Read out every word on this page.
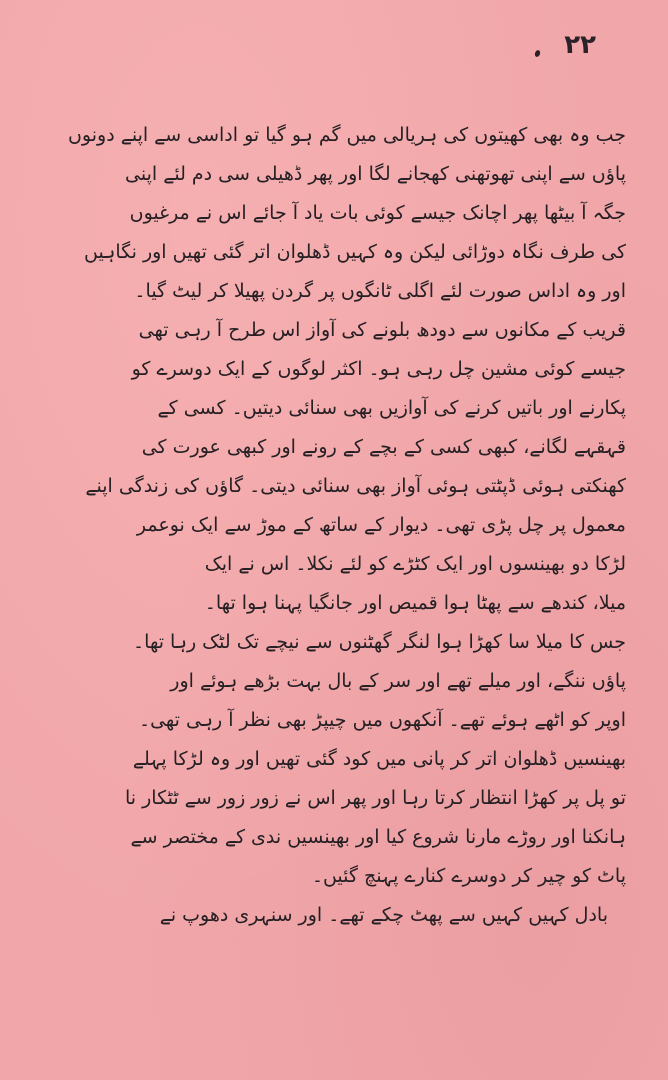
۲۲
جب وہ بھی کھیتوں کی ہریالی میں گم ہو گیا تو اداسی سے اپنے دونوں
پاؤں سے اپنی تھوتھنی کھجانے لگا اور پھر ڈھیلی سی دم لئے اپنی
جگہ آ بیٹھا پھر اچانک جیسے کوئی بات یاد آ جائے اس نے مرغیوں
کی طرف نگاہ دوڑائی لیکن وہ کہیں ڈھلوان اتر گئی تھیں اور نگاہیں
اور وہ اداس صورت لئے اگلی ٹانگوں پر گردن پھیلا کر لیٹ گیا۔
قریب کے مکانوں سے دودھ بلونے کی آواز اس طرح آ رہی تھی
جیسے کوئی مشین چل رہی ہو۔ اکثر لوگوں کے ایک دوسرے کو
پکارنے اور باتیں کرنے کی آوازیں بھی سنائی دیتیں۔ کسی کے
قہقہے لگانے، کبھی کسی کے بچے کے رونے اور کبھی عورت کی
کھنکتی ہوئی ڈپٹتی ہوئی آواز بھی سنائی دیتی۔ گاؤں کی زندگی اپنے
معمول پر چل پڑی تھی۔ دیوار کے ساتھ کے موڑ سے ایک نوعمر
لڑکا دو بھینسوں اور ایک کٹڑے کو لئے نکلا۔ اس نے ایک
میلا، کندھے سے پھٹا ہوا قمیص اور جانگیا پہنا ہوا تھا۔
جس کا میلا سا کھڑا ہوا لنگر گھٹنوں سے نیچے تک لٹک رہا تھا۔
پاؤں ننگے، اور میلے تھے اور سر کے بال بہت بڑھے ہوئے اور
اوپر کو اٹھے ہوئے تھے۔ آنکھوں میں چیپڑ بھی نظر آ رہی تھی۔
بھینسیں ڈھلوان اتر کر پانی میں کود گئی تھیں اور وہ لڑکا پہلے
تو پل پر کھڑا انتظار کرتا رہا اور پھر اس نے زور زور سے ٹٹکار نا
ہانکنا اور روڑے مارنا شروع کیا اور بھینسیں ندی کے مختصر سے
پاٹ کو چیر کر دوسرے کنارے پہنچ گئیں۔
بادل کہیں کہیں سے پھٹ چکے تھے۔ اور سنہری دھوپ نے
